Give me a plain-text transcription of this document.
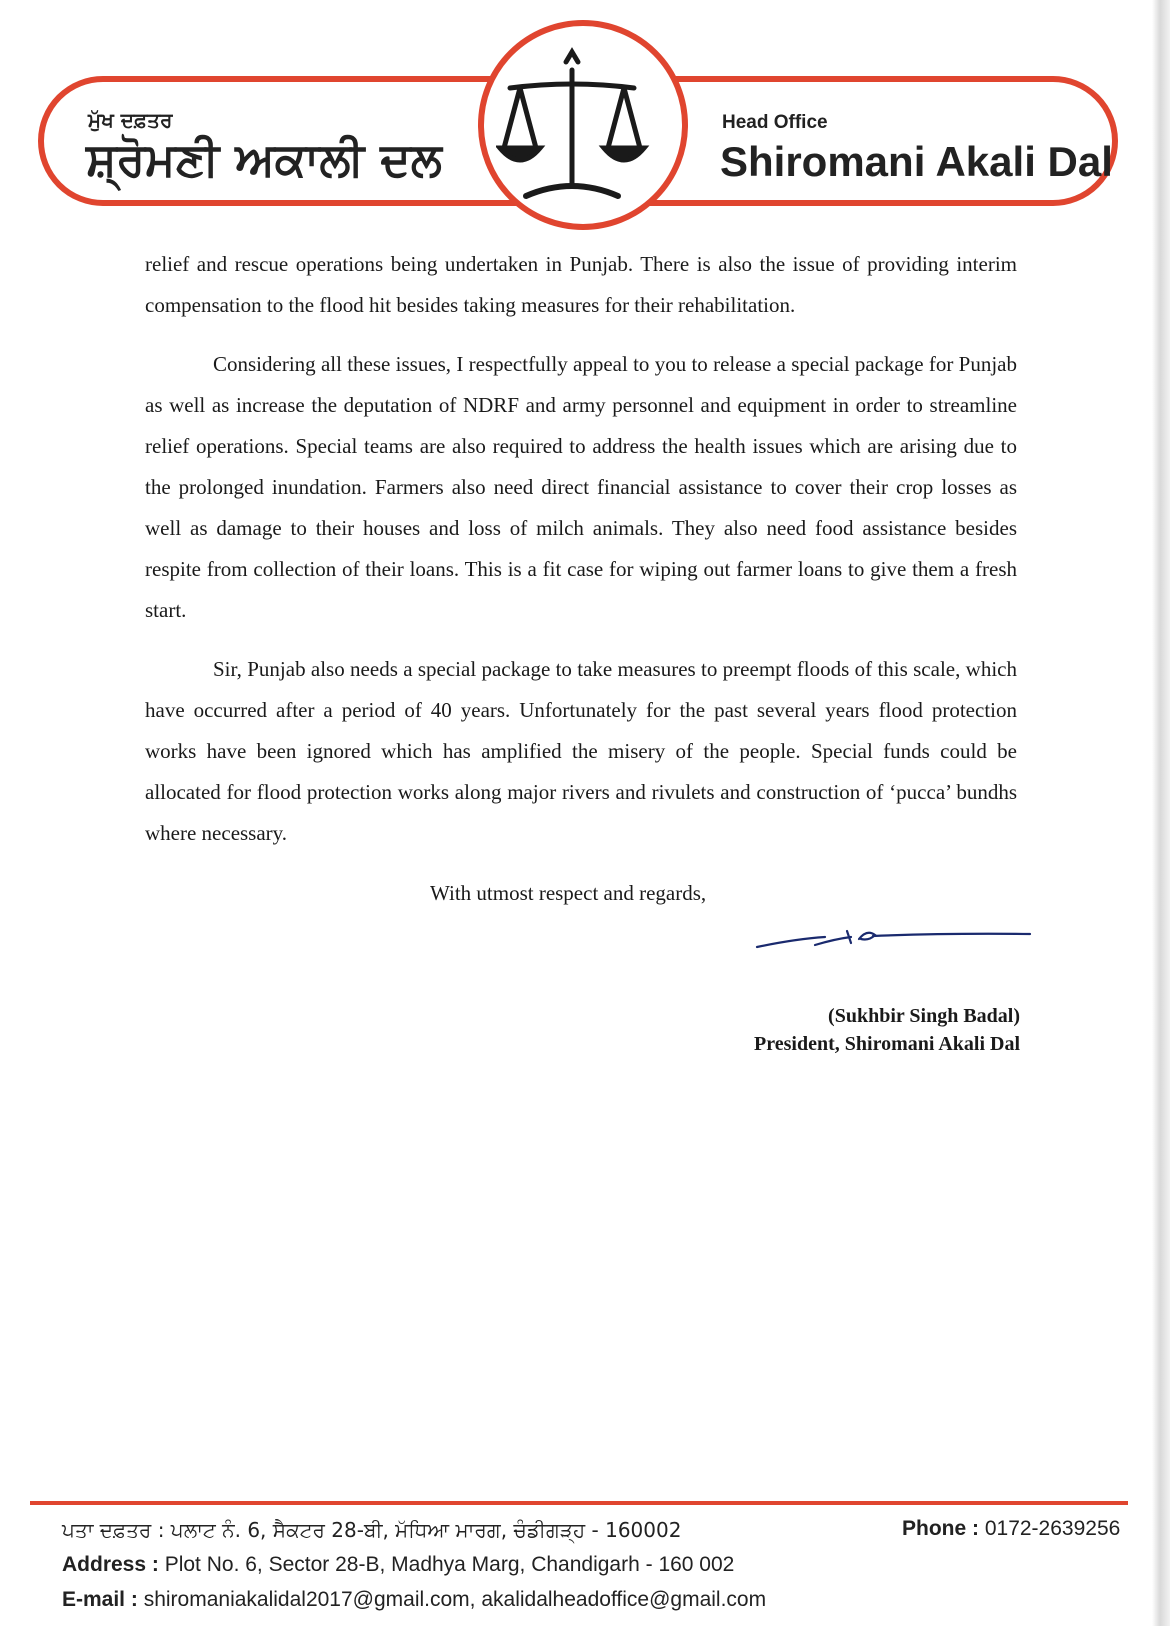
ਮੁੱਖ ਦਫ਼ਤਰ
ਸ਼੍ਰੋਮਣੀ ਅਕਾਲੀ ਦਲ
Head Office
Shiromani Akali Dal

relief and rescue operations being undertaken in Punjab. There is also the issue of providing interim compensation to the flood hit besides taking measures for their rehabilitation.

Considering all these issues, I respectfully appeal to you to release a special package for Punjab as well as increase the deputation of NDRF and army personnel and equipment in order to streamline relief operations. Special teams are also required to address the health issues which are arising due to the prolonged inundation. Farmers also need direct financial assistance to cover their crop losses as well as damage to their houses and loss of milch animals. They also need food assistance besides respite from collection of their loans. This is a fit case for wiping out farmer loans to give them a fresh start.

Sir, Punjab also needs a special package to take measures to preempt floods of this scale, which have occurred after a period of 40 years. Unfortunately for the past several years flood protection works have been ignored which has amplified the misery of the people. Special funds could be allocated for flood protection works along major rivers and rivulets and construction of ‘pucca’ bundhs where necessary.

With utmost respect and regards,
(Sukhbir Singh Badal)
President, Shiromani Akali Dal
ਪਤਾ ਦਫ਼ਤਰ : ਪਲਾਟ ਨੰ. 6, ਸੈਕਟਰ 28-ਬੀ, ਮੱਧਿਆ ਮਾਰਗ, ਚੰਡੀਗੜ੍ਹ - 160002	Phone : 0172-2639256
Address : Plot No. 6, Sector 28-B, Madhya Marg, Chandigarh - 160 002
E-mail : shiromaniakalidal2017@gmail.com, akalidalheadoffice@gmail.com
